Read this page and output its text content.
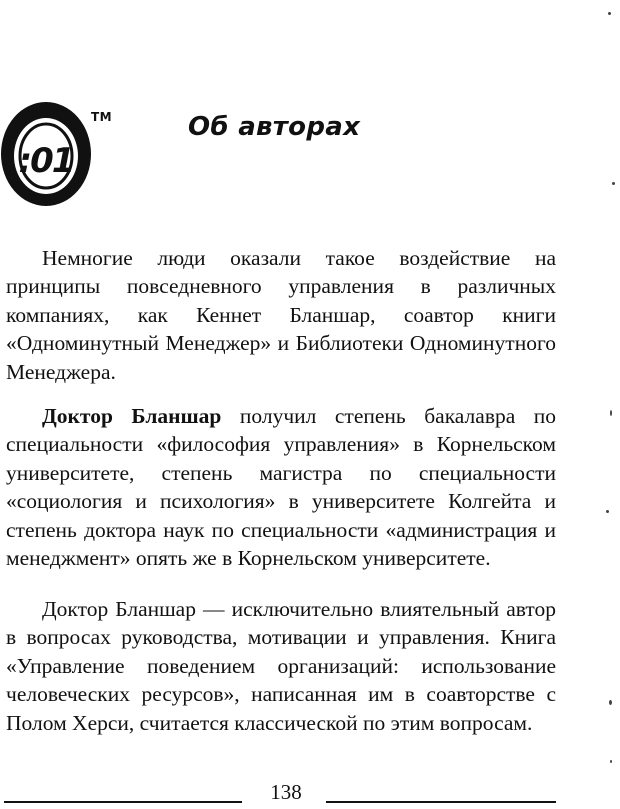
:01
TM	Об авторах

Немногие люди оказали такое воздействие на принципы повседневного управления в различных компаниях, как Кеннет Бланшар, соавтор книги «Одноминутный Менеджер» и Библиотеки Одноминутного Менеджера.

Доктор Бланшар получил степень бакалавра по специальности «философия управления» в Корнельском университете, степень магистра по специальности «социология и психология» в университете Колгейта и степень доктора наук по специальности «администрация и менеджмент» опять же в Корнельском университете.

Доктор Бланшар — исключительно влиятельный автор в вопросах руководства, мотивации и управления. Книга «Управление поведением организаций: использование человеческих ресурсов», написанная им в соавторстве с Полом Херси, считается классической по этим вопросам.

138
